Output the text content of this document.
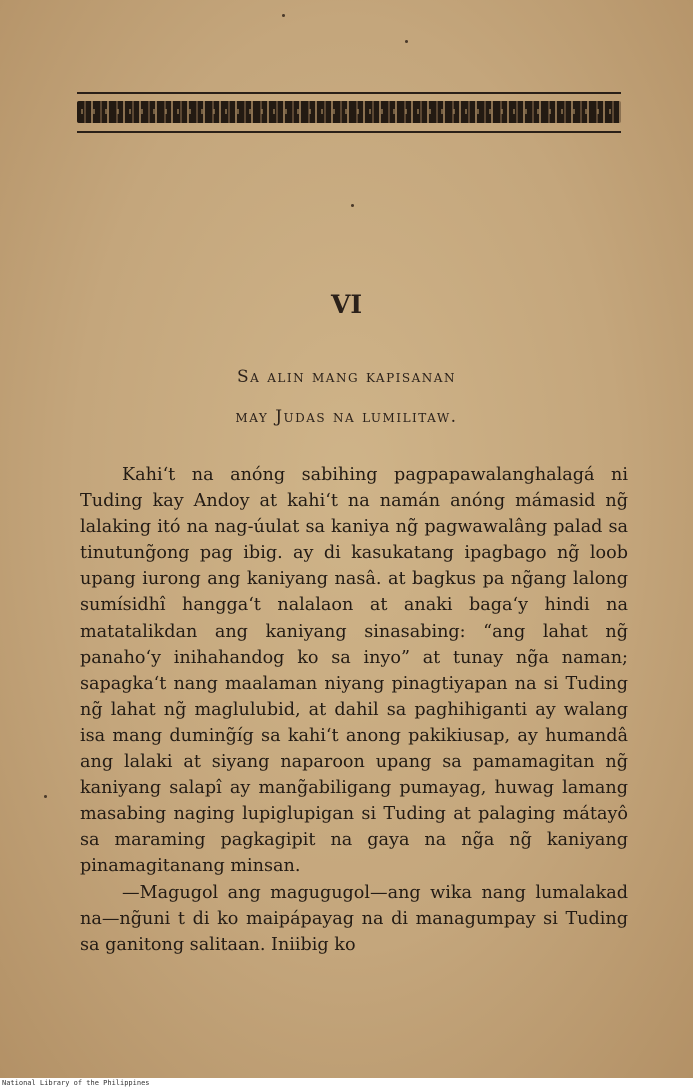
VI
Sa alin mang kapisanan
may Judas na lumilitaw.

Kahi‘t na anóng sabihing pagpapawalanghalagá ni Tuding kay Andoy at kahi‘t na namán anóng mámasid ng̃ lalaking itó na nag-úulat sa kaniya ng̃ pagwawalâng palad sa tinutung̃ong pag ibig. ay di kasukatang ipagbago ng̃ loob upang iurong ang kaniyang nasâ. at bagkus pa ng̃ang lalong sumísidhî hangga‘t nalalaon at anaki baga‘y hindi na matatalikdan ang kaniyang sinasabing: “ang lahat ng̃ panaho‘y inihahandog ko sa inyo” at tunay ng̃a naman; sapagka‘t nang maalaman niyang pinagtiyapan na si Tuding ng̃ lahat ng̃ maglulubid, at dahil sa paghihiganti ay walang isa mang duming̃íg sa kahi‘t anong pakikiusap, ay humandâ ang lalaki at siyang naparoon upang sa pamamagitan ng̃ kaniyang salapî ay mang̃abiligang pumayag, huwag lamang masabing naging lupiglupigan si Tuding at palaging mátayô sa maraming pagkagipit na gaya na ng̃a ng̃ kaniyang pinamagitanang minsan.

—Magugol ang magugugol—ang wika nang lumalakad na—ng̃uni t di ko maipápayag na di managumpay si Tuding sa ganitong salitaan. Iniibig ko

National Library of the Philippines
